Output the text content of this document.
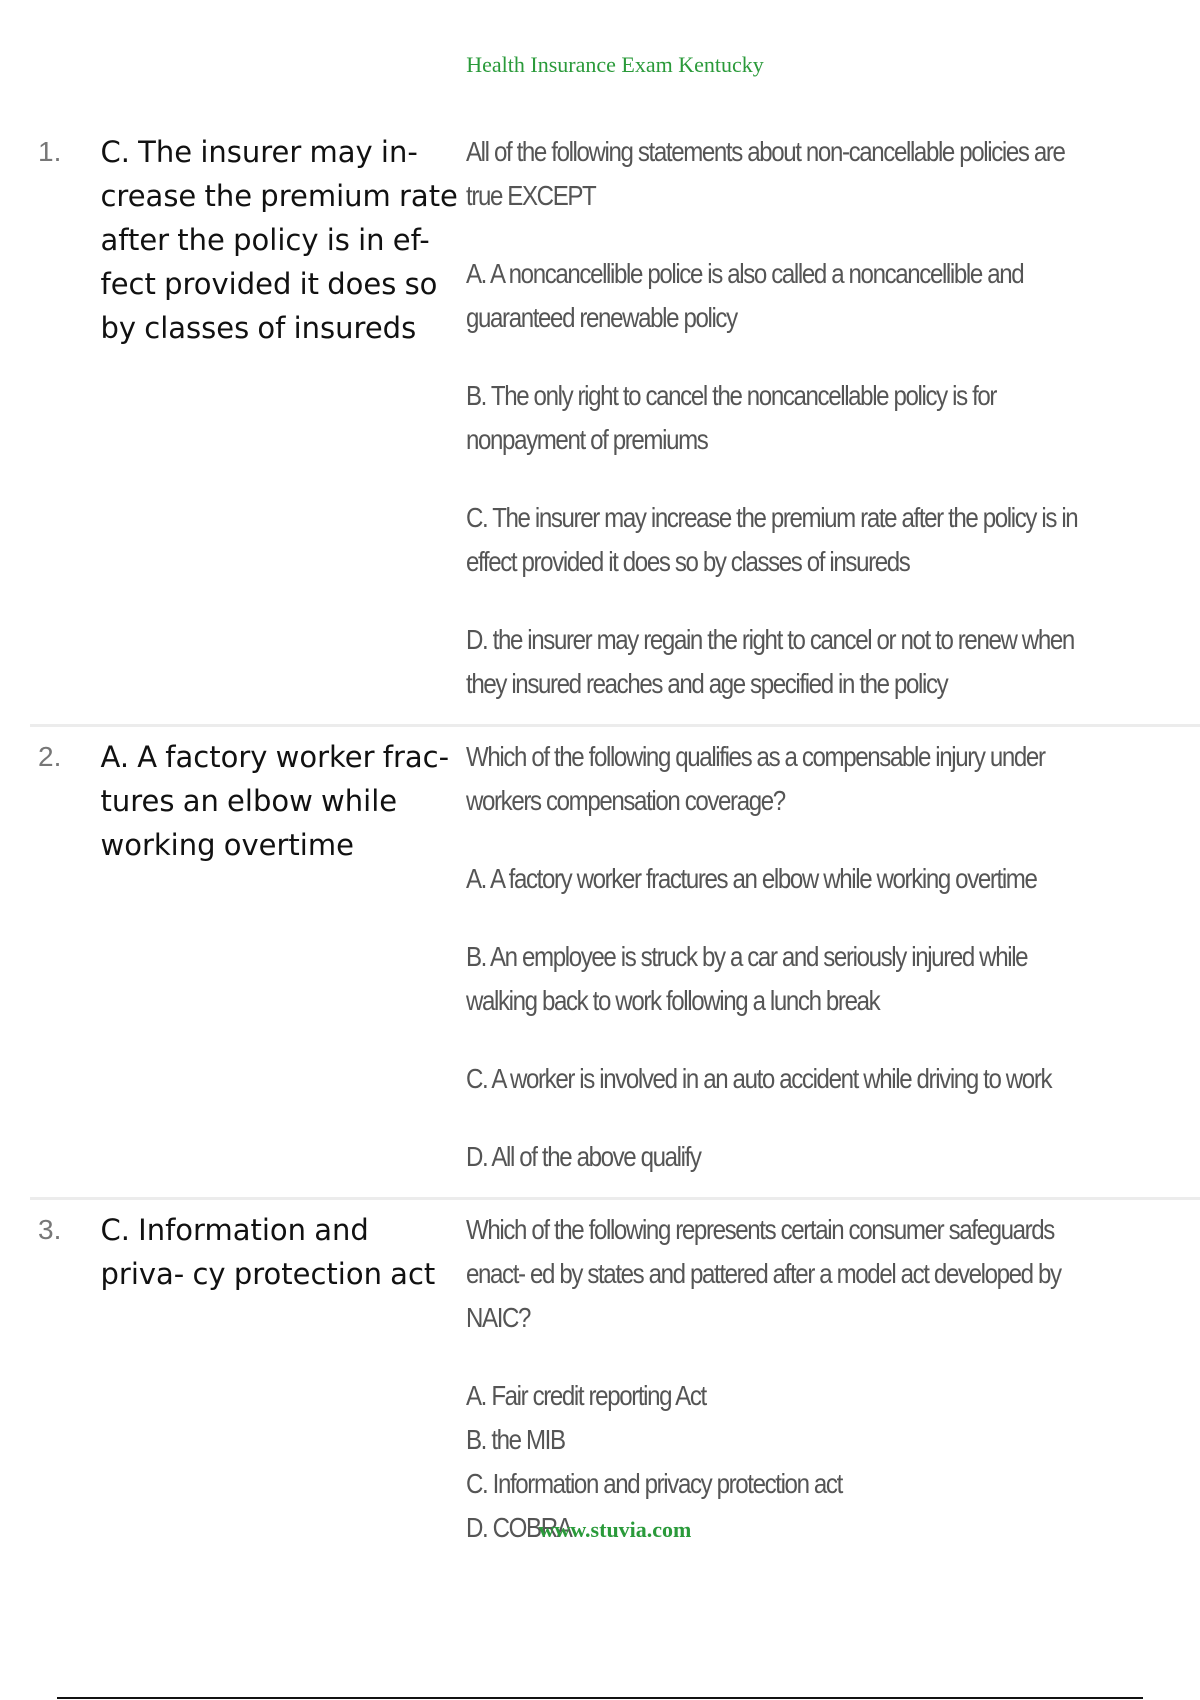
Health Insurance Exam Kentucky
1.	C. The insurer may in- crease the premium rate after the policy is in ef- fect provided it does so by classes of insureds
All of the following statements about non-cancellable policies are true EXCEPT
A. A noncancellible police is also called a noncancellible and guaranteed renewable policy
B. The only right to cancel the noncancellable policy is for nonpayment of premiums
C. The insurer may increase the premium rate after the policy is in effect provided it does so by classes of insureds
D. the insurer may regain the right to cancel or not to renew when they insured reaches and age specified in the policy
2.	A. A factory worker frac- tures an elbow while working overtime
Which of the following qualifies as a compensable injury under workers compensation coverage?
A. A factory worker fractures an elbow while working overtime
B. An employee is struck by a car and seriously injured while walking back to work following a lunch break
C. A worker is involved in an auto accident while driving to work
D. All of the above qualify
3.	C. Information and priva- cy protection act
Which of the following represents certain consumer safeguards enact- ed by states and pattered after a model act developed by NAIC?
A. Fair credit reporting Act
B. the MIB
C. Information and privacy protection act
D. COBRA
www.stuvia.com
